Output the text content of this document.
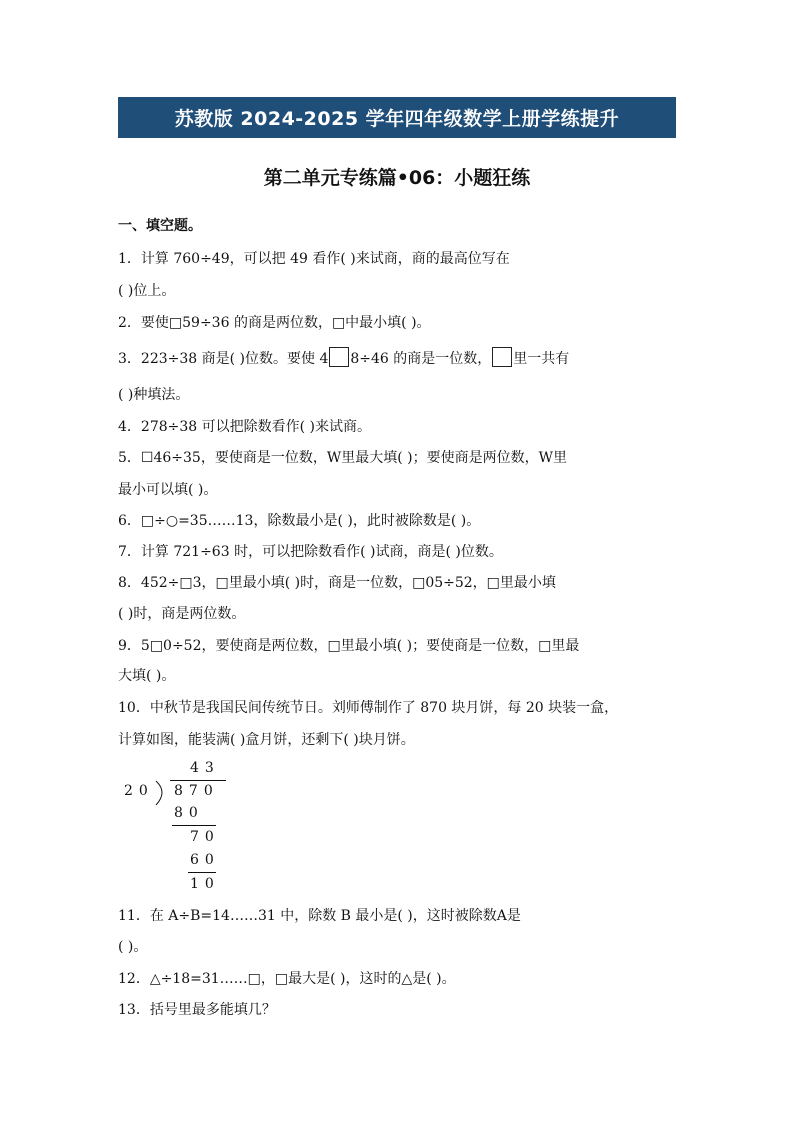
苏教版 2024-2025 学年四年级数学上册学练提升
第二单元专练篇•06：小题狂练
一、填空题。
1．计算 760÷49，可以把 49 看作( )来试商，商的最高位写在
( )位上。
2．要使□59÷36 的商是两位数，□中最小填( )。
3．223÷38 商是( )位数。要使 4 8÷46 的商是一位数， 里一共有
( )种填法。
4．278÷38 可以把除数看作( )来试商。
5．☐46÷35，要使商是一位数，W里最大填( )；要使商是两位数，W里
最小可以填( )。
6．□÷○=35……13，除数最小是( )，此时被除数是( )。
7．计算 721÷63 时，可以把除数看作( )试商，商是( )位数。
8．452÷□3，□里最小填( )时，商是一位数，□05÷52，□里最小填
( )时，商是两位数。
9．5□0÷52，要使商是两位数，□里最小填( )；要使商是一位数，□里最
大填( )。
10．中秋节是我国民间传统节日。刘师傅制作了 870 块月饼，每 20 块装一盒，
计算如图，能装满( )盒月饼，还剩下( )块月饼。
43
20 870
80
70
60
10
11．在 A÷B=14……31 中，除数 B 最小是( )，这时被除数A是
( )。
12．△÷18=31……□，□最大是( )，这时的△是( )。
13．括号里最多能填几？
